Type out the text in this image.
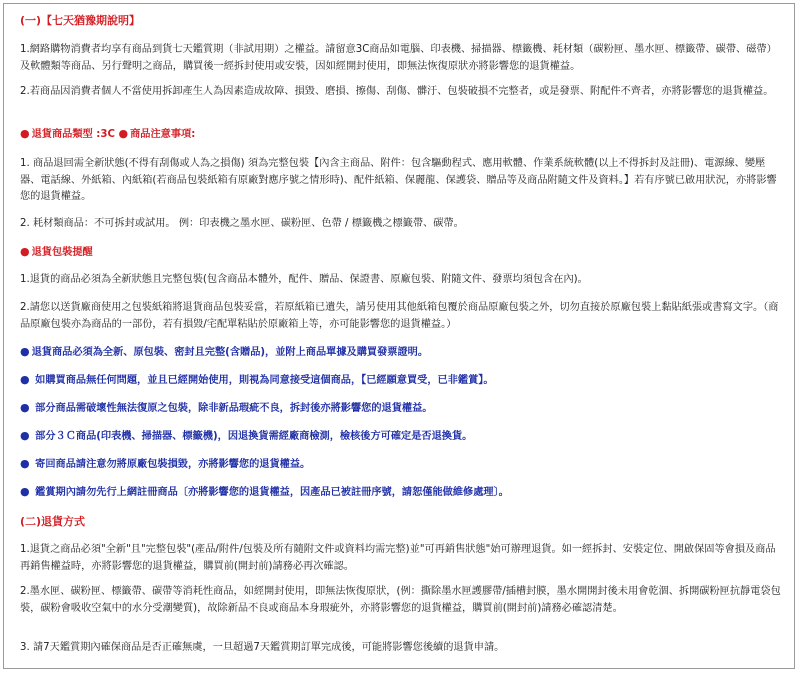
(一)【七天猶豫期說明】
1.網路購物消費者均享有商品到貨七天鑑賞期（非試用期）之權益。請留意3C商品如電腦、印表機、掃描器、標籤機、耗材類（碳粉匣、墨水匣、標籤帶、碳帶、磁帶）及軟體類等商品、另行聲明之商品，購買後一經拆封使用或安裝，因如經開封使用，即無法恢復原狀亦將影響您的退貨權益。
2.若商品因消費者個人不當使用拆卸產生人為因素造成故障、損毀、磨損、擦傷、刮傷、髒汙、包裝破損不完整者，或是發票、附配件不齊者，亦將影響您的退貨權益。
● 退貨商品類型 :3C ● 商品注意事項:
1. 商品退回需全新狀態(不得有刮傷或人為之損傷) 須為完整包裝【內含主商品、附件：包含驅動程式、應用軟體、作業系統軟體(以上不得拆封及註冊)、電源線、變壓器、電話線、外紙箱、內紙箱(若商品包裝紙箱有原廠對應序號之情形時)、配件紙箱、保麗龍、保護袋、贈品等及商品附隨文件及資料。】若有序號已啟用狀況，亦將影響您的退貨權益。
2. 耗材類商品：不可拆封或試用。 例：印表機之墨水匣、碳粉匣、色帶 / 標籤機之標籤帶、碳帶。
● 退貨包裝提醒
1.退貨的商品必須為全新狀態且完整包裝(包含商品本體外，配件、贈品、保證書、原廠包裝、附隨文件、發票均須包含在內)。
2.請您以送貨廠商使用之包裝紙箱將退貨商品包裝妥當，若原紙箱已遺失，請另使用其他紙箱包覆於商品原廠包裝之外，切勿直接於原廠包裝上黏貼紙張或書寫文字。（商品原廠包裝亦為商品的一部份，若有損毀/宅配單粘貼於原廠箱上等，亦可能影響您的退貨權益。）
● 退貨商品必須為全新、原包裝、密封且完整(含贈品)，並附上商品單據及購買發票證明。
● 如購買商品無任何問題，並且已經開始使用，則視為同意接受這個商品，【已經願意買受，已非鑑賞】。
● 部分商品需破壞性無法復原之包裝，除非新品瑕疵不良，拆封後亦將影響您的退貨權益。
● 部分３Ｃ商品(印表機、掃描器、標籤機)，因退換貨需經廠商檢測，檢核後方可確定是否退換貨。
● 寄回商品請注意勿將原廠包裝損毀，亦將影響您的退貨權益。
● 鑑賞期內請勿先行上網註冊商品〔亦將影響您的退貨權益，因產品已被註冊序號，請恕僅能做維修處理〕。
(二)退貨方式
1.退貨之商品必須"全新"且"完整包裝"(產品/附件/包裝及所有隨附文件或資料均需完整)並"可再銷售狀態"始可辦理退貨。如一經拆封、安裝定位、開啟保固等會損及商品再銷售權益時，亦將影響您的退貨權益，購買前(開封前)請務必再次確認。
2.墨水匣、碳粉匣、標籤帶、碳帶等消耗性商品，如經開封使用，即無法恢復原狀，(例：撕除墨水匣護膠帶/插槽封膜，墨水開開封後未用會乾涸、拆開碳粉匣抗靜電袋包裝，碳粉會吸收空氣中的水分受潮變質)，故除新品不良或商品本身瑕疵外，亦將影響您的退貨權益，購買前(開封前)請務必確認清楚。
3. 請7天鑑賞期內確保商品是否正確無虞，一旦超過7天鑑賞期訂單完成後，可能將影響您後續的退貨申請。
